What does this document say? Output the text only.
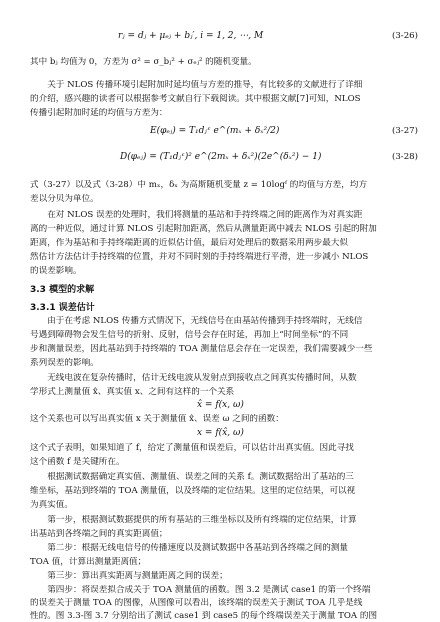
rⱼ = dⱼ + μₑⱼ + bⱼ′, i = 1, 2, ⋯, M	(3-26)
其中 bⱼ 均值为 0，方差为 σ² = σ_bⱼ² + σₑⱼ² 的随机变量。
　　关于 NLOS 传播环境引起附加时延均值与方差的推导，有比较多的文献进行了详细
的介绍，感兴趣的读者可以根据参考文献自行下载阅读。其中根据文献[7]可知，NLOS
传播引起附加时延的均值与方差为：
E(φₑⱼ) = T₁dⱼᵋ e^(mₓ + δₓ²/2)	(3-27)
D(φₑⱼ) = (T₁dⱼᵋ)² e^(2mₓ + δₓ²)(2e^(δₓ²) − 1)	(3-28)
式（3-27）以及式（3-28）中 mₓ，δₓ 为高斯随机变量 z = 10logᶠ 的均值与方差，均方
差以分贝为单位。
　　在对 NLOS 误差的处理时，我们将测量的基站和手持终端之间的距离作为对真实距
离的一种近似，通过计算 NLOS 引起附加距离，然后从测量距离中减去 NLOS 引起的附加
距离，作为基站和手持终端距离的近似估计值，最后对处理后的数据采用两步最大似
然估计方法估计手持终端的位置，并对不同时刻的手持终端进行平滑，进一步减小 NLOS
的误差影响。
3.3 模型的求解
3.3.1 误差估计
　　由于在考虑 NLOS 传播方式情况下，无线信号在由基站传播到手持终端时，无线信
号遇到障碍物会发生信号的折射、反射，信号会存在时延，再加上“时间坐标”的不同
步和测量误差，因此基站到手持终端的 TOA 测量信息会存在一定误差，我们需要减少一些
系列误差的影响。
　　无线电波在复杂传播时，估计无线电波从发射点到接收点之间真实传播时间，从数
学形式上测量值 x̂、真实值 x、之间有这样的一个关系
x̂ = f(x, ω)
这个关系也可以写出真实值 x 关于测量值 x̂、误差 ω 之间的函数：
x = f(x̂, ω)
这个式子表明，如果知道了 f，给定了测量值和误差后，可以估计出真实值。因此寻找
这个函数 f 是关键所在。
　　根据测试数据确定真实值、测量值、误差之间的关系 f。测试数据给出了基站的三
维坐标，基站到终端的 TOA 测量值，以及终端的定位结果。这里的定位结果，可以视
为真实值。
　　第一步，根据测试数据提供的所有基站的三维坐标以及所有终端的定位结果，计算
出基站到各终端之间的真实距离值；
　　第二步：根据无线电信号的传播速度以及测试数据中各基站到各终端之间的测量
TOA 值，计算出测量距离值；
　　第三步：算出真实距离与测量距离之间的误差；
　　第四步：将误差拟合成关于 TOA 测量值的函数。图 3.2 是测试 case1 的第一个终端
的误差关于测量 TOA 的图像，从图像可以看出，该终端的误差关于测试 TOA 几乎是线
性的。图 3.3-图 3.7 分别给出了测试 case1 到 case5 的每个终端误差关于测量 TOA 的图
